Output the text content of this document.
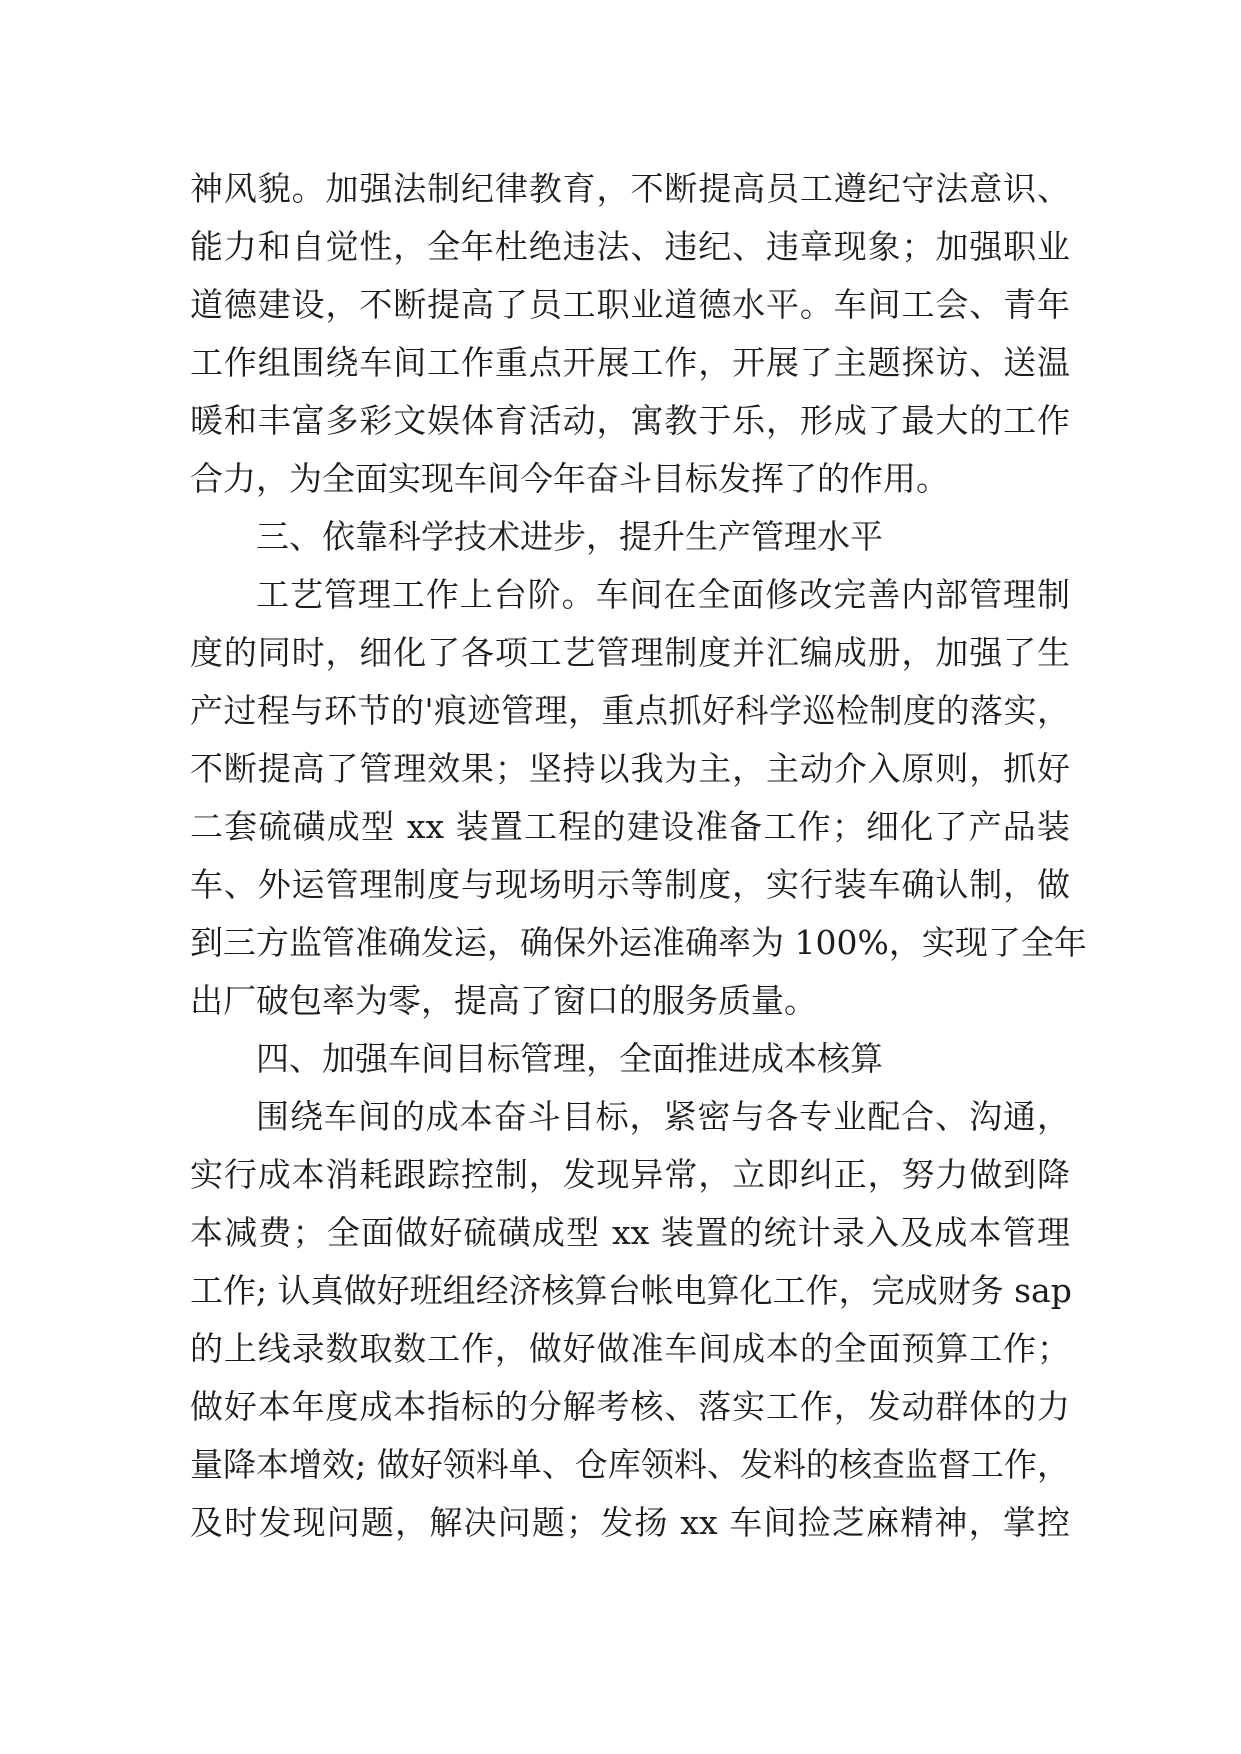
神风貌。加强法制纪律教育，不断提高员工遵纪守法意识、
能力和自觉性，全年杜绝违法、违纪、违章现象；加强职业
道德建设，不断提高了员工职业道德水平。车间工会、青年
工作组围绕车间工作重点开展工作，开展了主题探访、送温
暖和丰富多彩文娱体育活动，寓教于乐，形成了最大的工作
合力，为全面实现车间今年奋斗目标发挥了的作用。
三、依靠科学技术进步，提升生产管理水平
工艺管理工作上台阶。车间在全面修改完善内部管理制
度的同时，细化了各项工艺管理制度并汇编成册，加强了生
产过程与环节的'痕迹管理，重点抓好科学巡检制度的落实，
不断提高了管理效果；坚持以我为主，主动介入原则，抓好
二套硫磺成型 xx 装置工程的建设准备工作；细化了产品装
车、外运管理制度与现场明示等制度，实行装车确认制，做
到三方监管准确发运，确保外运准确率为 100%，实现了全年
出厂破包率为零，提高了窗口的服务质量。
四、加强车间目标管理，全面推进成本核算
围绕车间的成本奋斗目标，紧密与各专业配合、沟通，
实行成本消耗跟踪控制，发现异常，立即纠正，努力做到降
本减费；全面做好硫磺成型 xx 装置的统计录入及成本管理
工作; 认真做好班组经济核算台帐电算化工作，完成财务 sap
的上线录数取数工作，做好做准车间成本的全面预算工作；
做好本年度成本指标的分解考核、落实工作，发动群体的力
量降本增效; 做好领料单、仓库领料、发料的核查监督工作，
及时发现问题，解决问题；发扬 xx 车间捡芝麻精神，掌控
